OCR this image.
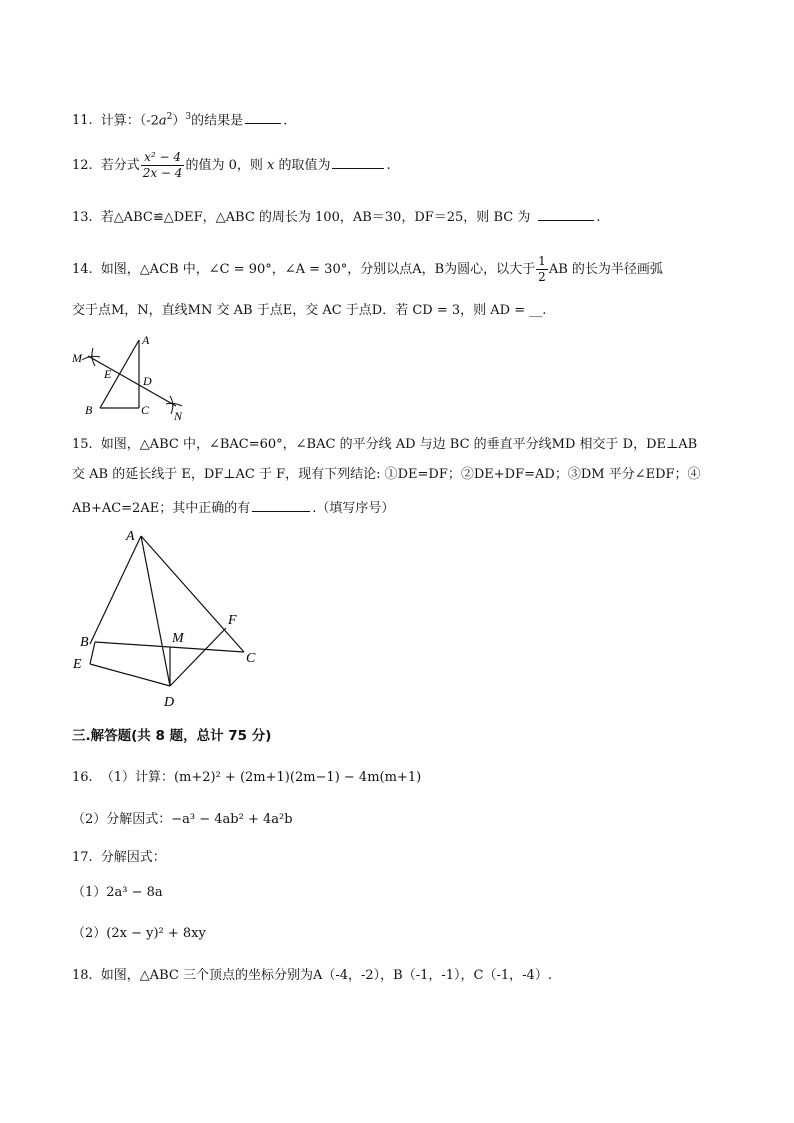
11. 计算：$(-2a^2)^3$的结果是	.
12. 若分式 $\frac{\text{x² − 4}}{2x - 4}$ 的值为 0，则 x 的取值为	.
13. 若△ABC≌△DEF，△ABC 的周长为 100，AB＝30，DF＝25，则 BC 为	.
14. 如图，△ACB 中，∠C = 90°，∠A = 30°，分别以点A，B为圆心，以大于 $\frac{1}{2}$ AB 的长为半径画弧
交于点M，N，直线MN 交 AB 于点E，交 AC 于点D．若 CD = 3，则 AD = __.
A
B	C
D
E
M
N
15. 如图，△ABC 中，∠BAC=60°，∠BAC 的平分线 AD 与边 BC 的垂直平分线MD 相交于 D，DE⊥AB
交 AB 的延长线于 E，DF⊥AC 于 F，现有下列结论: ①DE=DF；②DE+DF=AD；③DM 平分∠EDF；④
AB+AC=2AE；其中正确的有	.（填写序号）
A
B
C
D
E
F
M
三.解答题(共 8 题，总计 75 分)
16. （1）计算：(m+2)² + (2m+1)(2m−1) − 4m(m+1)
（2）分解因式：−a³ − 4ab² + 4a²b
17. 分解因式：
（1）2a³ − 8a
（2）(2x − y)² + 8xy
18. 如图，△ABC 三个顶点的坐标分别为A（-4，-2），B（-1，-1），C（-1，-4）.
